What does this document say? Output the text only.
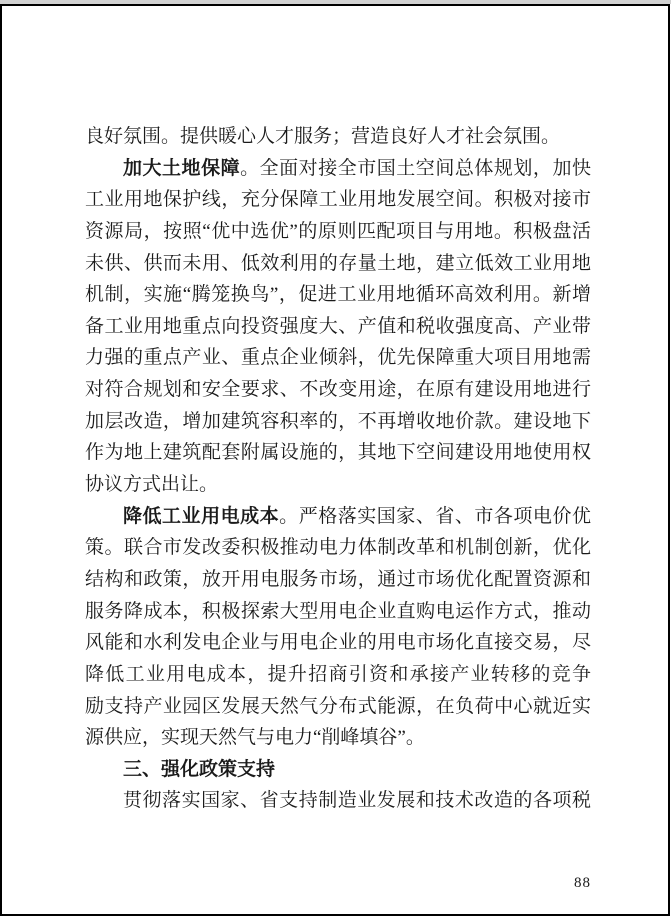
良好氛围。提供暖心人才服务；营造良好人才社会氛围。
加大土地保障。全面对接全市国土空间总体规划，加快
工业用地保护线，充分保障工业用地发展空间。积极对接市
资源局，按照“优中选优”的原则匹配项目与用地。积极盘活
未供、供而未用、低效利用的存量土地，建立低效工业用地
机制，实施“腾笼换鸟”，促进工业用地循环高效利用。新增
备工业用地重点向投资强度大、产值和税收强度高、产业带
力强的重点产业、重点企业倾斜，优先保障重大项目用地需
对符合规划和安全要求、不改变用途，在原有建设用地进行
加层改造，增加建筑容积率的，不再增收地价款。建设地下
作为地上建筑配套附属设施的，其地下空间建设用地使用权
协议方式出让。
降低工业用电成本。严格落实国家、省、市各项电价优
策。联合市发改委积极推动电力体制改革和机制创新，优化
结构和政策，放开用电服务市场，通过市场优化配置资源和
服务降成本，积极探索大型用电企业直购电运作方式，推动
风能和水利发电企业与用电企业的用电市场化直接交易，尽
降低工业用电成本，提升招商引资和承接产业转移的竞争
励支持产业园区发展天然气分布式能源，在负荷中心就近实
源供应，实现天然气与电力“削峰填谷”。
三、强化政策支持
贯彻落实国家、省支持制造业发展和技术改造的各项税
88
